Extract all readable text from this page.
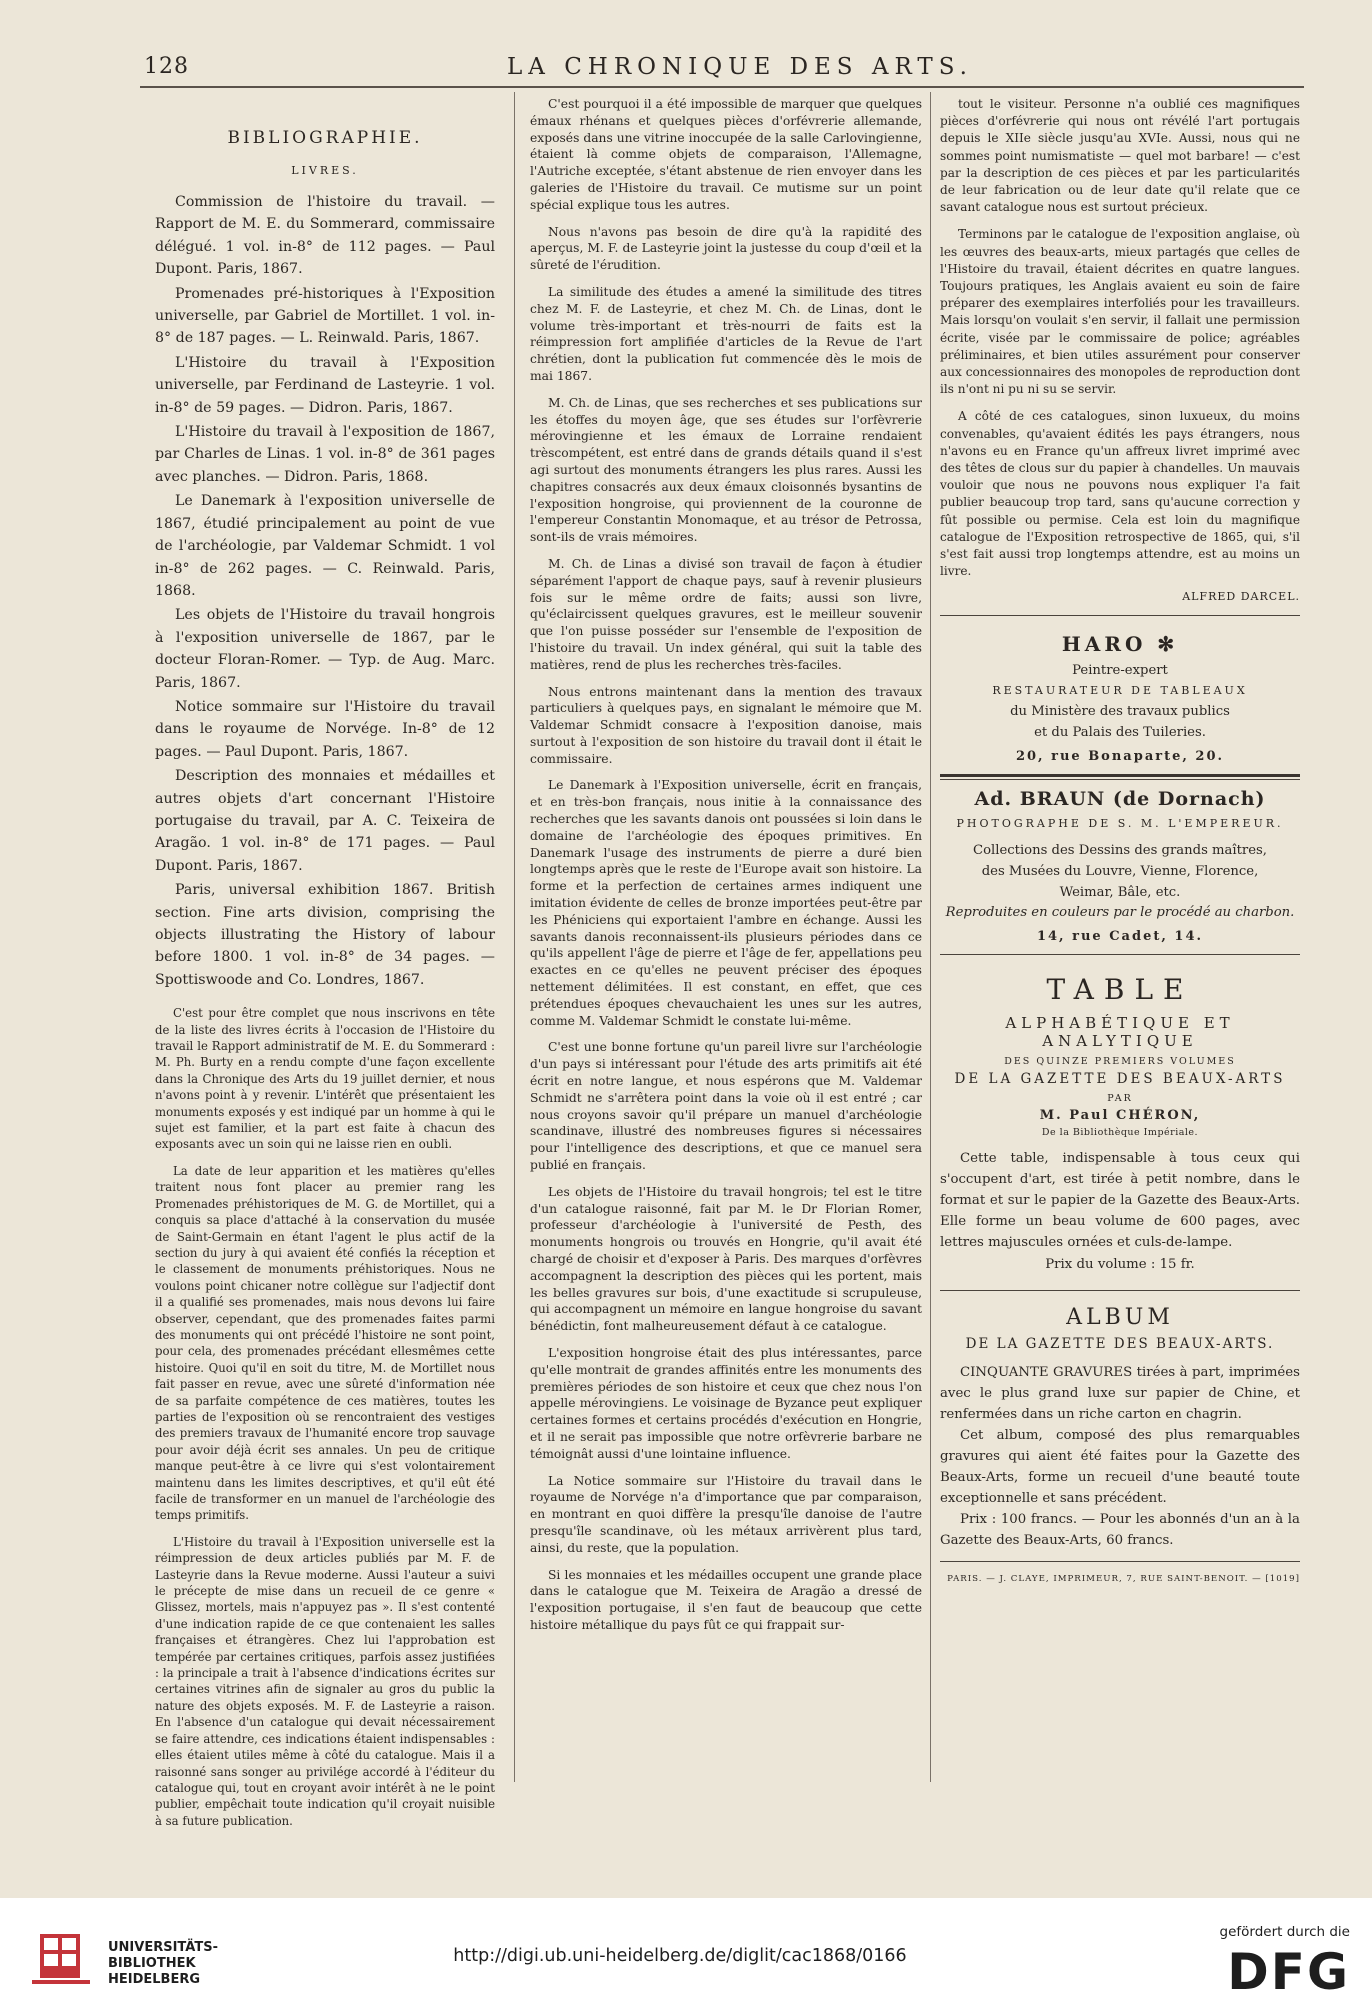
128	LA CHRONIQUE DES ARTS.
BIBLIOGRAPHIE.
LIVRES.

Commission de l'histoire du travail. — Rapport de M. E. du Sommerard, commissaire délégué. 1 vol. in-8° de 112 pages. — Paul Dupont. Paris, 1867.

Promenades pré-historiques à l'Exposition universelle, par Gabriel de Mortillet. 1 vol. in-8° de 187 pages. — L. Reinwald. Paris, 1867.

L'Histoire du travail à l'Exposition universelle, par Ferdinand de Lasteyrie. 1 vol. in-8° de 59 pages. — Didron. Paris, 1867.

L'Histoire du travail à l'exposition de 1867, par Charles de Linas. 1 vol. in-8° de 361 pages avec planches. — Didron. Paris, 1868.

Le Danemark à l'exposition universelle de 1867, étudié principalement au point de vue de l'archéologie, par Valdemar Schmidt. 1 vol in-8° de 262 pages. — C. Reinwald. Paris, 1868.

Les objets de l'Histoire du travail hongrois à l'exposition universelle de 1867, par le docteur Floran-Romer. — Typ. de Aug. Marc. Paris, 1867.

Notice sommaire sur l'Histoire du travail dans le royaume de Norvége. In-8° de 12 pages. — Paul Dupont. Paris, 1867.

Description des monnaies et médailles et autres objets d'art concernant l'Histoire portugaise du travail, par A. C. Teixeira de Aragão. 1 vol. in-8° de 171 pages. — Paul Dupont. Paris, 1867.

Paris, universal exhibition 1867. British section. Fine arts division, comprising the objects illustrating the History of labour before 1800. 1 vol. in-8° de 34 pages. — Spottiswoode and Co. Londres, 1867.

C'est pour être complet que nous inscrivons en tête de la liste des livres écrits à l'occasion de l'Histoire du travail le Rapport administratif de M. E. du Sommerard : M. Ph. Burty en a rendu compte d'une façon excellente dans la Chronique des Arts du 19 juillet dernier, et nous n'avons point à y revenir. L'intérêt que présentaient les monuments exposés y est indiqué par un homme à qui le sujet est familier, et la part est faite à chacun des exposants avec un soin qui ne laisse rien en oubli.

La date de leur apparition et les matières qu'elles traitent nous font placer au premier rang les Promenades préhistoriques de M. G. de Mortillet, qui a conquis sa place d'attaché à la conservation du musée de Saint-Germain en étant l'agent le plus actif de la section du jury à qui avaient été confiés la réception et le classement de monuments préhistoriques. Nous ne voulons point chicaner notre collègue sur l'adjectif dont il a qualifié ses promenades, mais nous devons lui faire observer, cependant, que des promenades faites parmi des monuments qui ont précédé l'histoire ne sont point, pour cela, des promenades précédant ellesmêmes cette histoire. Quoi qu'il en soit du titre, M. de Mortillet nous fait passer en revue, avec une sûreté d'information née de sa parfaite compétence de ces matières, toutes les parties de l'exposition où se rencontraient des vestiges des premiers travaux de l'humanité encore trop sauvage pour avoir déjà écrit ses annales. Un peu de critique manque peut-être à ce livre qui s'est volontairement maintenu dans les limites descriptives, et qu'il eût été facile de transformer en un manuel de l'archéologie des temps primitifs.

L'Histoire du travail à l'Exposition universelle est la réimpression de deux articles publiés par M. F. de Lasteyrie dans la Revue moderne. Aussi l'auteur a suivi le précepte de mise dans un recueil de ce genre « Glissez, mortels, mais n'appuyez pas ». Il s'est contenté d'une indication rapide de ce que contenaient les salles françaises et étrangères. Chez lui l'approbation est tempérée par certaines critiques, parfois assez justifiées : la principale a trait à l'absence d'indications écrites sur certaines vitrines afin de signaler au gros du public la nature des objets exposés. M. F. de Lasteyrie a raison. En l'absence d'un catalogue qui devait nécessairement se faire attendre, ces indications étaient indispensables : elles étaient utiles même à côté du catalogue. Mais il a raisonné sans songer au privilége accordé à l'éditeur du catalogue qui, tout en croyant avoir intérêt à ne le point publier, empêchait toute indication qu'il croyait nuisible à sa future publication.

C'est pourquoi il a été impossible de marquer que quelques émaux rhénans et quelques pièces d'orfévrerie allemande, exposés dans une vitrine inoccupée de la salle Carlovingienne, étaient là comme objets de comparaison, l'Allemagne, l'Autriche exceptée, s'étant abstenue de rien envoyer dans les galeries de l'Histoire du travail. Ce mutisme sur un point spécial explique tous les autres.

Nous n'avons pas besoin de dire qu'à la rapidité des aperçus, M. F. de Lasteyrie joint la justesse du coup d'œil et la sûreté de l'érudition.

La similitude des études a amené la similitude des titres chez M. F. de Lasteyrie, et chez M. Ch. de Linas, dont le volume très-important et très-nourri de faits est la réimpression fort amplifiée d'articles de la Revue de l'art chrétien, dont la publication fut commencée dès le mois de mai 1867.

M. Ch. de Linas, que ses recherches et ses publications sur les étoffes du moyen âge, que ses études sur l'orfèvrerie mérovingienne et les émaux de Lorraine rendaient trèscompétent, est entré dans de grands détails quand il s'est agi surtout des monuments étrangers les plus rares. Aussi les chapitres consacrés aux deux émaux cloisonnés bysantins de l'exposition hongroise, qui proviennent de la couronne de l'empereur Constantin Monomaque, et au trésor de Petrossa, sont-ils de vrais mémoires.

M. Ch. de Linas a divisé son travail de façon à étudier séparément l'apport de chaque pays, sauf à revenir plusieurs fois sur le même ordre de faits; aussi son livre, qu'éclaircissent quelques gravures, est le meilleur souvenir que l'on puisse posséder sur l'ensemble de l'exposition de l'histoire du travail. Un index général, qui suit la table des matières, rend de plus les recherches très-faciles.

Nous entrons maintenant dans la mention des travaux particuliers à quelques pays, en signalant le mémoire que M. Valdemar Schmidt consacre à l'exposition danoise, mais surtout à l'exposition de son histoire du travail dont il était le commissaire.

Le Danemark à l'Exposition universelle, écrit en français, et en très-bon français, nous initie à la connaissance des recherches que les savants danois ont poussées si loin dans le domaine de l'archéologie des époques primitives. En Danemark l'usage des instruments de pierre a duré bien longtemps après que le reste de l'Europe avait son histoire. La forme et la perfection de certaines armes indiquent une imitation évidente de celles de bronze importées peut-être par les Phéniciens qui exportaient l'ambre en échange. Aussi les savants danois reconnaissent-ils plusieurs périodes dans ce qu'ils appellent l'âge de pierre et l'âge de fer, appellations peu exactes en ce qu'elles ne peuvent préciser des époques nettement délimitées. Il est constant, en effet, que ces prétendues époques chevauchaient les unes sur les autres, comme M. Valdemar Schmidt le constate lui-même.

C'est une bonne fortune qu'un pareil livre sur l'archéologie d'un pays si intéressant pour l'étude des arts primitifs ait été écrit en notre langue, et nous espérons que M. Valdemar Schmidt ne s'arrêtera point dans la voie où il est entré ; car nous croyons savoir qu'il prépare un manuel d'archéologie scandinave, illustré des nombreuses figures si nécessaires pour l'intelligence des descriptions, et que ce manuel sera publié en français.

Les objets de l'Histoire du travail hongrois; tel est le titre d'un catalogue raisonné, fait par M. le Dr Florian Romer, professeur d'archéologie à l'université de Pesth, des monuments hongrois ou trouvés en Hongrie, qu'il avait été chargé de choisir et d'exposer à Paris. Des marques d'orfèvres accompagnent la description des pièces qui les portent, mais les belles gravures sur bois, d'une exactitude si scrupuleuse, qui accompagnent un mémoire en langue hongroise du savant bénédictin, font malheureusement défaut à ce catalogue.

L'exposition hongroise était des plus intéressantes, parce qu'elle montrait de grandes affinités entre les monuments des premières périodes de son histoire et ceux que chez nous l'on appelle mérovingiens. Le voisinage de Byzance peut expliquer certaines formes et certains procédés d'exécution en Hongrie, et il ne serait pas impossible que notre orfèvrerie barbare ne témoignât aussi d'une lointaine influence.

La Notice sommaire sur l'Histoire du travail dans le royaume de Norvége n'a d'importance que par comparaison, en montrant en quoi diffère la presqu'île danoise de l'autre presqu'île scandinave, où les métaux arrivèrent plus tard, ainsi, du reste, que la population.

Si les monnaies et les médailles occupent une grande place dans le catalogue que M. Teixeira de Aragão a dressé de l'exposition portugaise, il s'en faut de beaucoup que cette histoire métallique du pays fût ce qui frappait sur-

tout le visiteur. Personne n'a oublié ces magnifiques pièces d'orfévrerie qui nous ont révélé l'art portugais depuis le XIIe siècle jusqu'au XVIe. Aussi, nous qui ne sommes point numismatiste — quel mot barbare! — c'est par la description de ces pièces et par les particularités de leur fabrication ou de leur date qu'il relate que ce savant catalogue nous est surtout précieux.

Terminons par le catalogue de l'exposition anglaise, où les œuvres des beaux-arts, mieux partagés que celles de l'Histoire du travail, étaient décrites en quatre langues. Toujours pratiques, les Anglais avaient eu soin de faire préparer des exemplaires interfoliés pour les travailleurs. Mais lorsqu'on voulait s'en servir, il fallait une permission écrite, visée par le commissaire de police; agréables préliminaires, et bien utiles assurément pour conserver aux concessionnaires des monopoles de reproduction dont ils n'ont ni pu ni su se servir.

A côté de ces catalogues, sinon luxueux, du moins convenables, qu'avaient édités les pays étrangers, nous n'avons eu en France qu'un affreux livret imprimé avec des têtes de clous sur du papier à chandelles. Un mauvais vouloir que nous ne pouvons nous expliquer l'a fait publier beaucoup trop tard, sans qu'aucune correction y fût possible ou permise. Cela est loin du magnifique catalogue de l'Exposition retrospective de 1865, qui, s'il s'est fait aussi trop longtemps attendre, est au moins un livre.

ALFRED DARCEL.
HARO ✻
Peintre-expert
RESTAURATEUR DE TABLEAUX
du Ministère des travaux publics
et du Palais des Tuileries.
20, rue Bonaparte, 20.
Ad. BRAUN (de Dornach)
PHOTOGRAPHE DE S. M. L'EMPEREUR.
Collections des Dessins des grands maîtres,
des Musées du Louvre, Vienne, Florence,
Weimar, Bâle, etc.
Reproduites en couleurs par le procédé au charbon.
14, rue Cadet, 14.
TABLE
ALPHABÉTIQUE ET ANALYTIQUE
DES QUINZE PREMIERS VOLUMES
DE LA GAZETTE DES BEAUX-ARTS
PAR
M. Paul CHÉRON,
De la Bibliothèque Impériale.

Cette table, indispensable à tous ceux qui s'occupent d'art, est tirée à petit nombre, dans le format et sur le papier de la Gazette des Beaux-Arts. Elle forme un beau volume de 600 pages, avec lettres majuscules ornées et culs-de-lampe.

Prix du volume : 15 fr.
ALBUM
DE LA GAZETTE DES BEAUX-ARTS.

CINQUANTE GRAVURES tirées à part, imprimées avec le plus grand luxe sur papier de Chine, et renfermées dans un riche carton en chagrin.

Cet album, composé des plus remarquables gravures qui aient été faites pour la Gazette des Beaux-Arts, forme un recueil d'une beauté toute exceptionnelle et sans précédent.

Prix : 100 francs. — Pour les abonnés d'un an à la Gazette des Beaux-Arts, 60 francs.

PARIS. — J. CLAYE, IMPRIMEUR, 7, RUE SAINT-BENOIT. — [1019]
UNIVERSITÄTS-
BIBLIOTHEK
HEIDELBERG
http://digi.ub.uni-heidelberg.de/diglit/cac1868/0166
gefördert durch die
DFG
